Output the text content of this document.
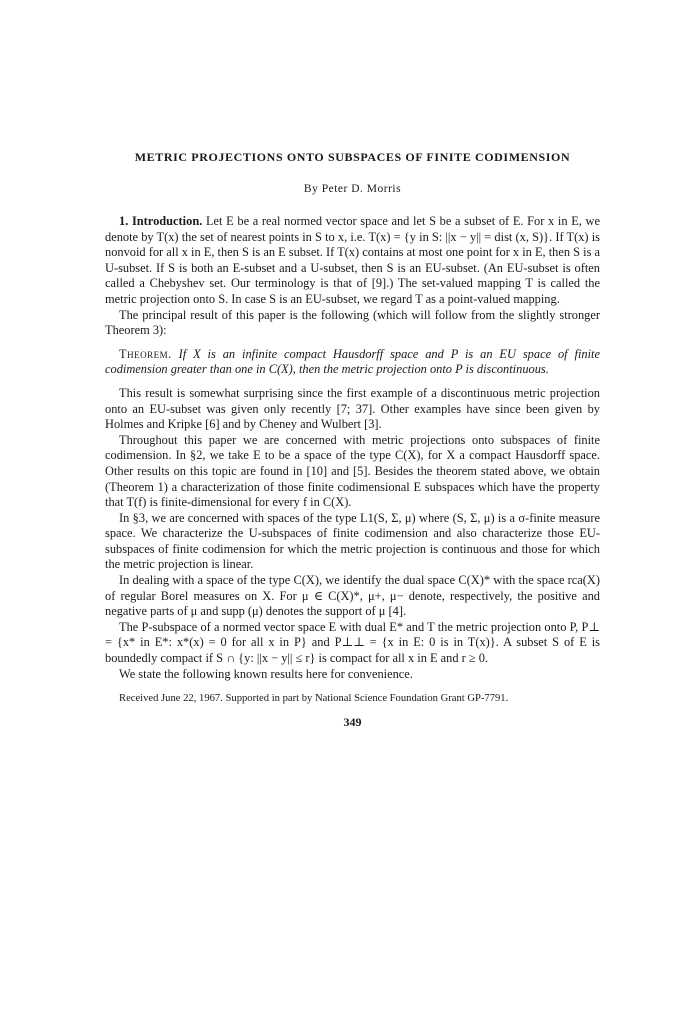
METRIC PROJECTIONS ONTO SUBSPACES OF FINITE CODIMENSION
By Peter D. Morris

1. Introduction. Let E be a real normed vector space and let S be a subset of E. For x in E, we denote by T(x) the set of nearest points in S to x, i.e. T(x) = {y in S: ||x − y|| = dist (x, S)}. If T(x) is nonvoid for all x in E, then S is an E subset. If T(x) contains at most one point for x in E, then S is a U-subset. If S is both an E-subset and a U-subset, then S is an EU-subset. (An EU-subset is often called a Chebyshev set. Our terminology is that of [9].) The set-valued mapping T is called the metric projection onto S. In case S is an EU-subset, we regard T as a point-valued mapping.

The principal result of this paper is the following (which will follow from the slightly stronger Theorem 3):

Theorem. If X is an infinite compact Hausdorff space and P is an EU space of finite codimension greater than one in C(X), then the metric projection onto P is discontinuous.

This result is somewhat surprising since the first example of a discontinuous metric projection onto an EU-subset was given only recently [7; 37]. Other examples have since been given by Holmes and Kripke [6] and by Cheney and Wulbert [3].

Throughout this paper we are concerned with metric projections onto subspaces of finite codimension. In §2, we take E to be a space of the type C(X), for X a compact Hausdorff space. Other results on this topic are found in [10] and [5]. Besides the theorem stated above, we obtain (Theorem 1) a characterization of those finite codimensional E subspaces which have the property that T(f) is finite-dimensional for every f in C(X).

In §3, we are concerned with spaces of the type L1(S, Σ, μ) where (S, Σ, μ) is a σ-finite measure space. We characterize the U-subspaces of finite codimension and also characterize those EU-subspaces of finite codimension for which the metric projection is continuous and those for which the metric projection is linear.

In dealing with a space of the type C(X), we identify the dual space C(X)* with the space rca(X) of regular Borel measures on X. For μ ∈ C(X)*, μ+, μ− denote, respectively, the positive and negative parts of μ and supp (μ) denotes the support of μ [4].

The P-subspace of a normed vector space E with dual E* and T the metric projection onto P, P⊥ = {x* in E*: x*(x) = 0 for all x in P} and P⊥⊥ = {x in E: 0 is in T(x)}. A subset S of E is boundedly compact if S ∩ {y: ||x − y|| ≤ r} is compact for all x in E and r ≥ 0.

We state the following known results here for convenience.

Received June 22, 1967. Supported in part by National Science Foundation Grant GP-7791.
349
